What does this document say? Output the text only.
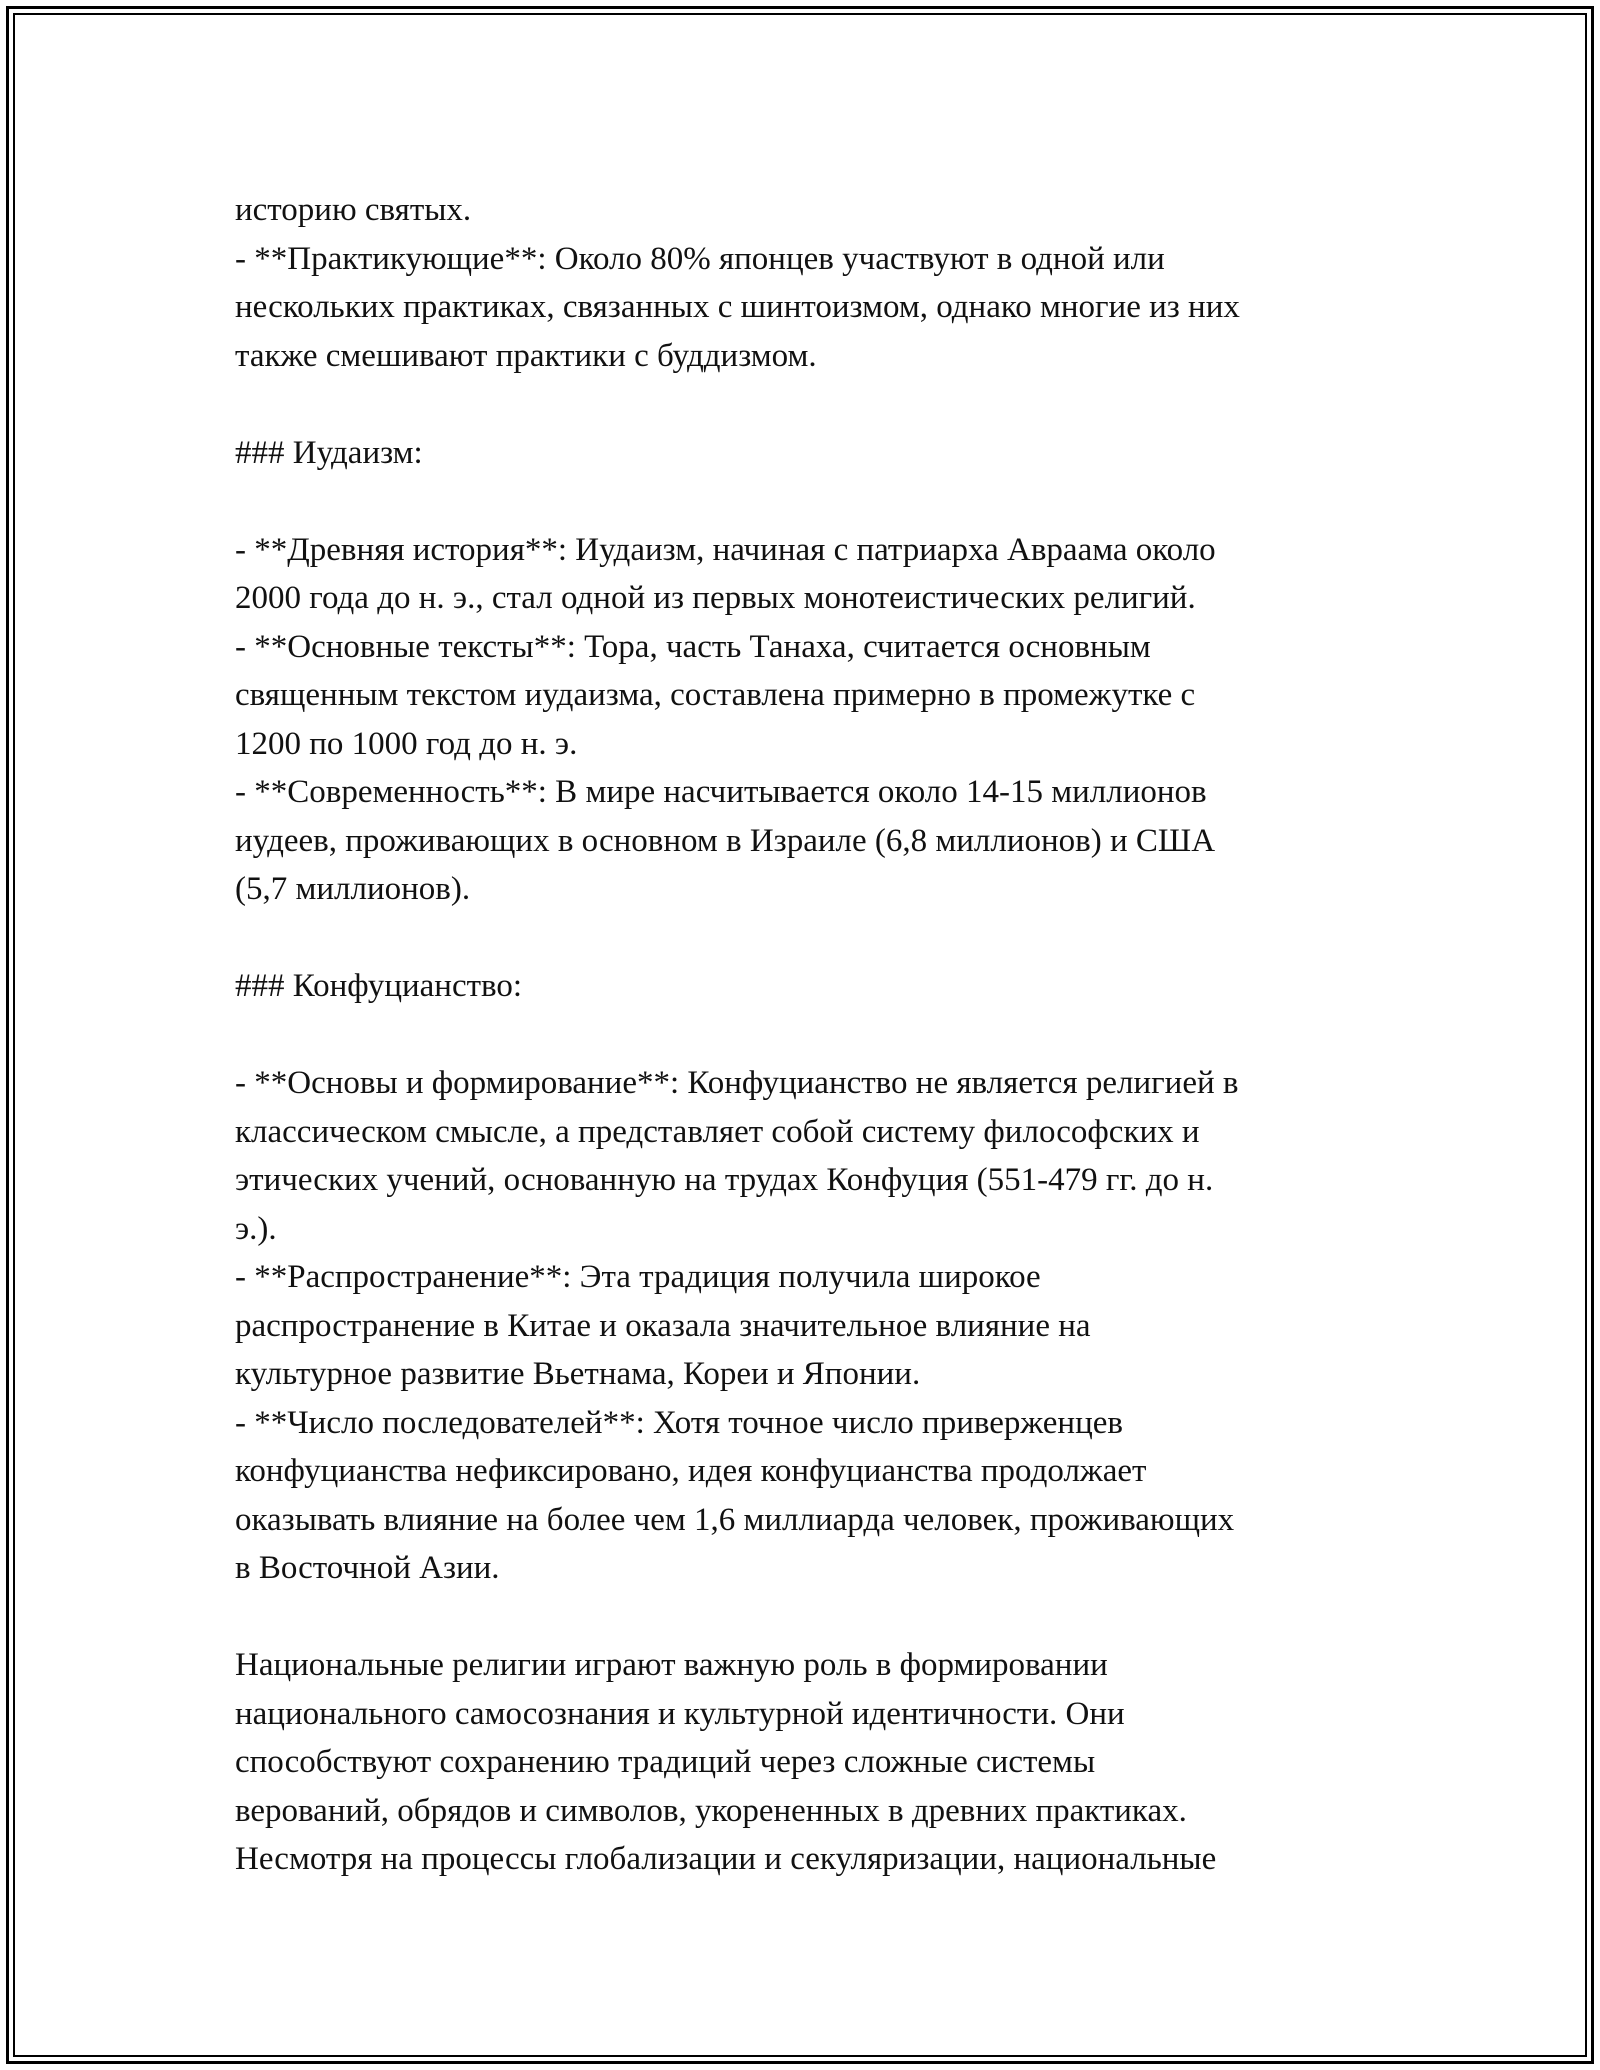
историю святых.

- **Практикующие**: Около 80% японцев участвуют в одной или

нескольких практиках, связанных с шинтоизмом, однако многие из них

также смешивают практики с буддизмом.

### Иудаизм:

- **Древняя история**: Иудаизм, начиная с патриарха Авраама около

2000 года до н. э., стал одной из первых монотеистических религий.

- **Основные тексты**: Тора, часть Танаха, считается основным

священным текстом иудаизма, составлена примерно в промежутке с

1200 по 1000 год до н. э.

- **Современность**: В мире насчитывается около 14-15 миллионов

иудеев, проживающих в основном в Израиле (6,8 миллионов) и США

(5,7 миллионов).

### Конфуцианство:

- **Основы и формирование**: Конфуцианство не является религией в

классическом смысле, а представляет собой систему философских и

этических учений, основанную на трудах Конфуция (551-479 гг. до н.

э.).

- **Распространение**: Эта традиция получила широкое

распространение в Китае и оказала значительное влияние на

культурное развитие Вьетнама, Кореи и Японии.

- **Число последователей**: Хотя точное число приверженцев

конфуцианства нефиксировано, идея конфуцианства продолжает

оказывать влияние на более чем 1,6 миллиарда человек, проживающих

в Восточной Азии.

Национальные религии играют важную роль в формировании

национального самосознания и культурной идентичности. Они

способствуют сохранению традиций через сложные системы

верований, обрядов и символов, укорененных в древних практиках.

Несмотря на процессы глобализации и секуляризации, национальные
